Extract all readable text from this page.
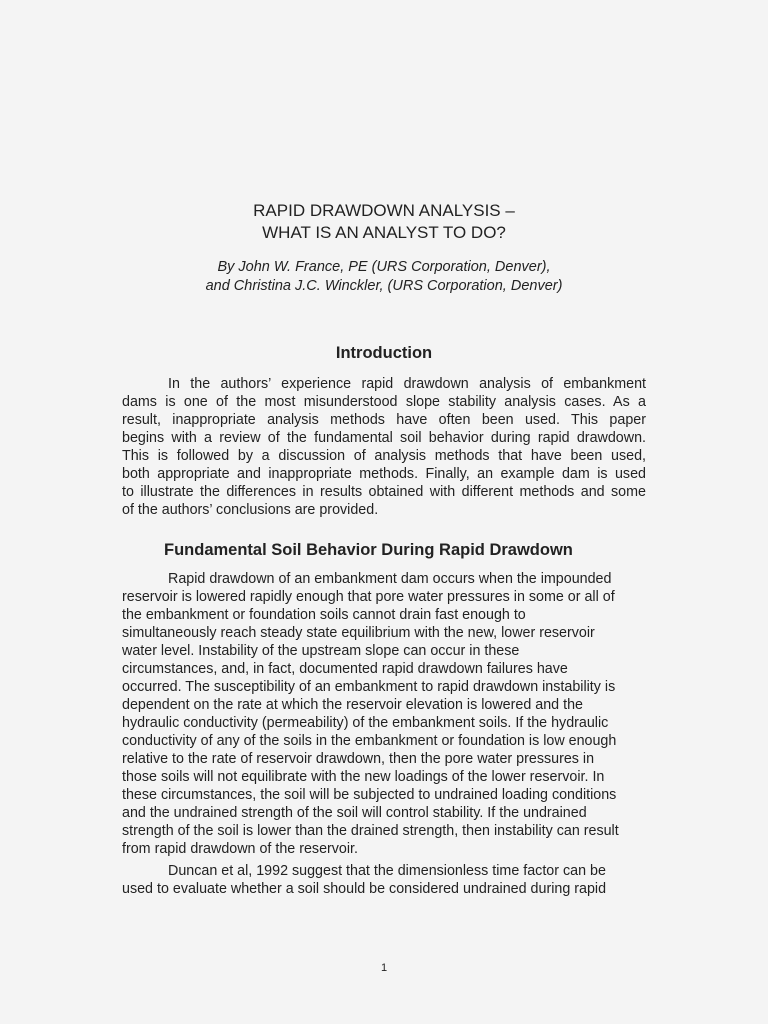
RAPID DRAWDOWN ANALYSIS –
WHAT IS AN ANALYST TO DO?
By John W. France, PE (URS Corporation, Denver),
and Christina J.C. Winckler, (URS Corporation, Denver)
Introduction
In the authors’ experience rapid drawdown analysis of embankment
dams is one of the most misunderstood slope stability analysis cases. As a
result, inappropriate analysis methods have often been used. This paper
begins with a review of the fundamental soil behavior during rapid drawdown.
This is followed by a discussion of analysis methods that have been used,
both appropriate and inappropriate methods. Finally, an example dam is used
to illustrate the differences in results obtained with different methods and some
of the authors’ conclusions are provided.
Fundamental Soil Behavior During Rapid Drawdown
Rapid drawdown of an embankment dam occurs when the impounded
reservoir is lowered rapidly enough that pore water pressures in some or all of
the embankment or foundation soils cannot drain fast enough to
simultaneously reach steady state equilibrium with the new, lower reservoir
water level. Instability of the upstream slope can occur in these
circumstances, and, in fact, documented rapid drawdown failures have
occurred. The susceptibility of an embankment to rapid drawdown instability is
dependent on the rate at which the reservoir elevation is lowered and the
hydraulic conductivity (permeability) of the embankment soils. If the hydraulic
conductivity of any of the soils in the embankment or foundation is low enough
relative to the rate of reservoir drawdown, then the pore water pressures in
those soils will not equilibrate with the new loadings of the lower reservoir. In
these circumstances, the soil will be subjected to undrained loading conditions
and the undrained strength of the soil will control stability. If the undrained
strength of the soil is lower than the drained strength, then instability can result
from rapid drawdown of the reservoir.
Duncan et al, 1992 suggest that the dimensionless time factor can be
used to evaluate whether a soil should be considered undrained during rapid
1
